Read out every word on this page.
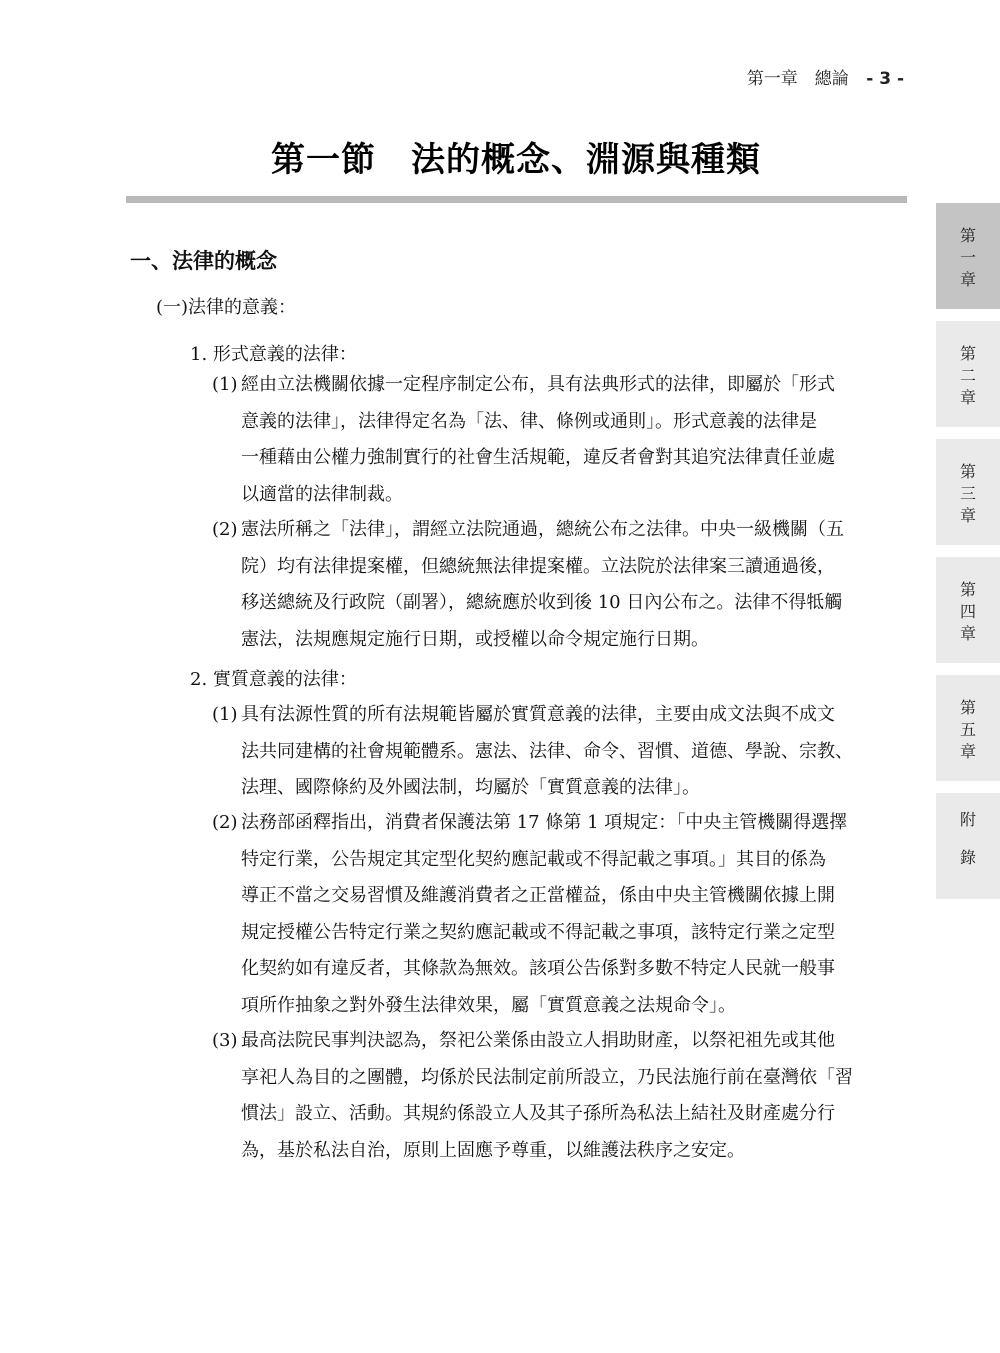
第一章　總論 - 3 -
第一節　法的概念、淵源與種類
一、法律的概念
(一)法律的意義：
1. 形式意義的法律：
(1) 經由立法機關依據一定程序制定公布，具有法典形式的法律，即屬於「形式
意義的法律」，法律得定名為「法、律、條例或通則」。形式意義的法律是
一種藉由公權力強制實行的社會生活規範，違反者會對其追究法律責任並處
以適當的法律制裁。
(2) 憲法所稱之「法律」，謂經立法院通過，總統公布之法律。中央一級機關（五
院）均有法律提案權，但總統無法律提案權。立法院於法律案三讀通過後，
移送總統及行政院（副署），總統應於收到後 10 日內公布之。法律不得牴觸
憲法，法規應規定施行日期，或授權以命令規定施行日期。
2. 實質意義的法律：
(1) 具有法源性質的所有法規範皆屬於實質意義的法律，主要由成文法與不成文
法共同建構的社會規範體系。憲法、法律、命令、習慣、道德、學說、宗教、
法理、國際條約及外國法制，均屬於「實質意義的法律」。
(2) 法務部函釋指出，消費者保護法第 17 條第 1 項規定：「中央主管機關得選擇
特定行業，公告規定其定型化契約應記載或不得記載之事項。」其目的係為
導正不當之交易習慣及維護消費者之正當權益，係由中央主管機關依據上開
規定授權公告特定行業之契約應記載或不得記載之事項，該特定行業之定型
化契約如有違反者，其條款為無效。該項公告係對多數不特定人民就一般事
項所作抽象之對外發生法律效果，屬「實質意義之法規命令」。
(3) 最高法院民事判決認為，祭祀公業係由設立人捐助財產，以祭祀祖先或其他
享祀人為目的之團體，均係於民法制定前所設立，乃民法施行前在臺灣依「習
慣法」設立、活動。其規約係設立人及其子孫所為私法上結社及財產處分行
為，基於私法自治，原則上固應予尊重，以維護法秩序之安定。
第一章
第二章
第三章
第四章
第五章
附錄
